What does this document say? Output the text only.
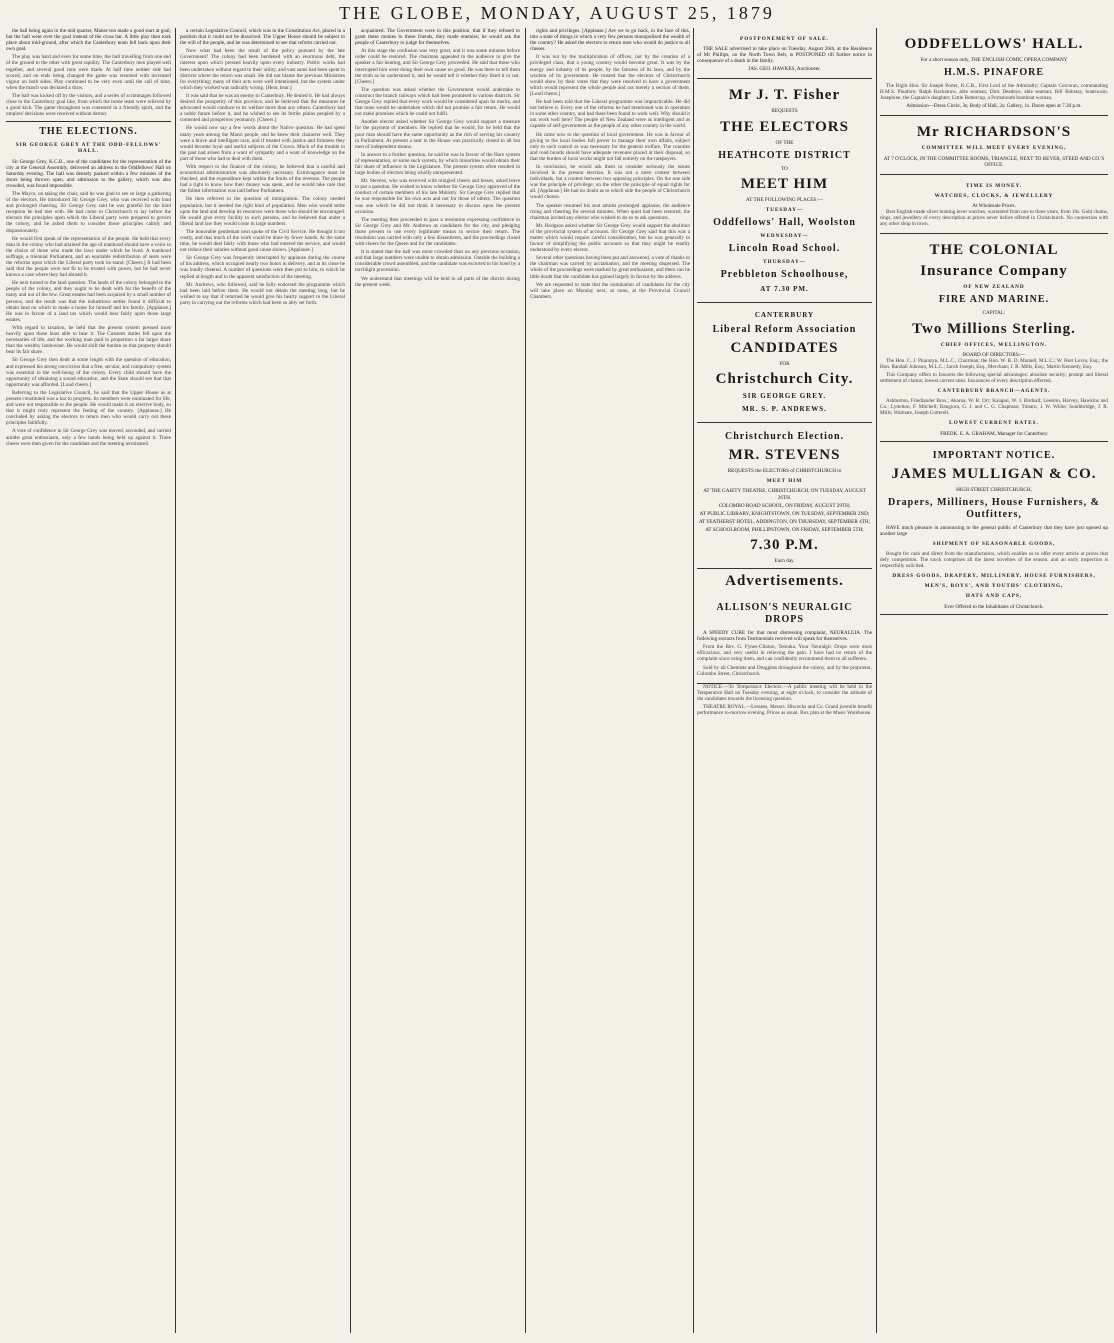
THE GLOBE, MONDAY, AUGUST 25, 1879

the ball being again in the mid quarter, Manor-ton made a good start at goal, but the ball went over the goal instead of the cross bar. A little play then took place about mid-ground, after which the Canterbury team fell back upon their own goal.

The play was hard and even for some time, the ball travelling from one end of the ground to the other with great rapidity. The Canterbury men played well together, and several good runs were made. At half time neither side had scored, and on ends being changed the game was resumed with increased vigour on both sides. Play continued to be very even until the call of time, when the match was declared a draw.

The ball was kicked off by the visitors, and a series of scrimmages followed close to the Canterbury goal line, from which the home team were relieved by a good kick. The game throughout was contested in a friendly spirit, and the umpires' decisions were received without demur.

THE ELECTIONS.
SIR GEORGE GREY AT THE ODD-FELLOWS' HALL.

Sir George Grey, K.C.B., one of the candidates for the representation of the city at the General Assembly, delivered an address in the Oddfellows' Hall on Saturday evening. The hall was densely packed within a few minutes of the doors being thrown open, and admission to the gallery, which was also crowded, was found impossible.

The Mayor, on taking the chair, said he was glad to see so large a gathering of the electors. He introduced Sir George Grey, who was received with loud and prolonged cheering. Sir George Grey said he was grateful for the kind reception he had met with. He had come to Christchurch to lay before the electors the principles upon which the Liberal party were prepared to govern the colony, and he asked them to consider those principles calmly and dispassionately.

He would first speak of the representation of the people. He held that every man in the colony who had attained the age of manhood should have a voice in the choice of those who made the laws under which he lived. A manhood suffrage, a triennial Parliament, and an equitable redistribution of seats were the reforms upon which the Liberal party took its stand. [Cheers.] It had been said that the people were not fit to be trusted with power, but he had never known a case where they had abused it.

He next turned to the land question. The lands of the colony belonged to the people of the colony, and they ought to be dealt with for the benefit of the many and not of the few. Great estates had been acquired by a small number of persons, and the result was that the industrious settler found it difficult to obtain land on which to make a home for himself and his family. [Applause.] He was in favour of a land tax which would bear fairly upon those large estates.

With regard to taxation, he held that the present system pressed most heavily upon those least able to bear it. The Customs duties fell upon the necessaries of life, and the working man paid in proportion a far larger share than the wealthy landowner. He would shift the burden so that property should bear its fair share.

Sir George Grey then dealt at some length with the question of education, and expressed his strong conviction that a free, secular, and compulsory system was essential to the well-being of the colony. Every child should have the opportunity of obtaining a sound education, and the State should see that that opportunity was afforded. [Loud cheers.]

Referring to the Legislative Council, he said that the Upper House as at present constituted was a bar to progress. Its members were nominated for life, and were not responsible to the people. He would make it an elective body, so that it might truly represent the feeling of the country. [Applause.] He concluded by asking the electors to return men who would carry out these principles faithfully.

A vote of confidence in Sir George Grey was moved, seconded, and carried amidst great enthusiasm, only a few hands being held up against it. Three cheers were then given for the candidate and the meeting terminated.

a certain Legislative Council, which was in the Constitution Act, placed in a position that it could not be dissolved. The Upper House should be subject to the will of the people, and he was determined to see that reform carried out.

Now what had been the result of the policy pursued by the late Government? The colony had been burdened with an enormous debt, the interest upon which pressed heavily upon every industry. Public works had been undertaken without regard to their utility, and vast sums had been spent in districts where the return was small. He did not blame the previous Ministries for everything; many of their acts were well intentioned, but the system under which they worked was radically wrong. [Hear, hear.]

It was said that he was an enemy to Canterbury. He denied it. He had always desired the prosperity of this province, and he believed that the measures he advocated would conduce to its welfare more than any others. Canterbury had a noble future before it, and he wished to see its fertile plains peopled by a contented and prosperous yeomanry. [Cheers.]

He would now say a few words about the Native question. He had spent many years among the Maori people, and he knew their character well. They were a brave and intelligent race, and if treated with justice and firmness they would become loyal and useful subjects of the Crown. Much of the trouble in the past had arisen from a want of sympathy and a want of knowledge on the part of those who had to deal with them.

With respect to the finance of the colony, he believed that a careful and economical administration was absolutely necessary. Extravagance must be checked, and the expenditure kept within the limits of the revenue. The people had a right to know how their money was spent, and he would take care that the fullest information was laid before Parliament.

He then referred to the question of immigration. The colony needed population, but it needed the right kind of population. Men who would settle upon the land and develop its resources were those who should be encouraged. He would give every facility to such persons, and he believed that under a liberal land law they would come in large numbers.

The honorable gentleman next spoke of the Civil Service. He thought it too costly, and that much of the work could be done by fewer hands. At the same time, he would deal fairly with those who had entered the service, and would not reduce their salaries without good cause shown. [Applause.]

Sir George Grey was frequently interrupted by applause during the course of his address, which occupied nearly two hours in delivery, and at its close he was loudly cheered. A number of questions were then put to him, to which he replied at length and to the apparent satisfaction of the meeting.

Mr. Andrews, who followed, said he fully endorsed the programme which had been laid before them. He would not detain the meeting long, but he wished to say that if returned he would give his hearty support to the Liberal party in carrying out the reforms which had been so ably set forth.

acquainted. The Government were in this position, that if they refused to grant these monies to these friends, they made enemies; he would ask the people of Canterbury to judge for themselves.

At this stage the confusion was very great, and it was some minutes before order could be restored. The chairman appealed to the audience to give the speaker a fair hearing, and Sir George Grey proceeded. He said that those who interrupted him were doing their own cause no good. He was there to tell them the truth as he understood it, and he would tell it whether they liked it or not. [Cheers.]

The question was asked whether the Government would undertake to construct the branch railways which had been promised to various districts. Sir George Grey replied that every work would be considered upon its merits, and that none would be undertaken which did not promise a fair return. He would not make promises which he could not fulfil.

Another elector asked whether Sir George Grey would support a measure for the payment of members. He replied that he would, for he held that the poor man should have the same opportunity as the rich of serving his country in Parliament. At present a seat in the House was practically closed to all but men of independent means.

In answer to a further question, he said he was in favour of the Hare system of representation, or some such system, by which minorities would obtain their fair share of influence in the Legislature. The present system often resulted in large bodies of electors being wholly unrepresented.

Mr. Stevens, who was received with mingled cheers and hisses, asked leave to put a question. He wished to know whether Sir George Grey approved of the conduct of certain members of his late Ministry. Sir George Grey replied that he was responsible for his own acts and not for those of others. The question was one which he did not think it necessary to discuss upon the present occasion.

The meeting then proceeded to pass a resolution expressing confidence in Sir George Grey and Mr. Andrews as candidates for the city, and pledging those present to use every legitimate means to secure their return. The resolution was carried with only a few dissentients, and the proceedings closed with cheers for the Queen and for the candidates.

It is stated that the hall was more crowded than on any previous occasion, and that large numbers were unable to obtain admission. Outside the building a considerable crowd assembled, and the candidate was escorted to his hotel by a torchlight procession.

We understand that meetings will be held in all parts of the district during the present week.

rights and privileges. [Applause.] Are we to go back, in the face of this, into a state of things in which a very few persons monopolised the wealth of the country? He asked the electors to return men who would do justice to all classes.

It was not by the multiplication of offices, nor by the creation of a privileged class, that a young country would become great. It was by the energy and industry of its people, by the fairness of its laws, and by the wisdom of its government. He trusted that the electors of Christchurch would show by their votes that they were resolved to have a government which would represent the whole people and not merely a section of them. [Loud cheers.]

He had been told that the Liberal programme was impracticable. He did not believe it. Every one of the reforms he had mentioned was in operation in some other country, and had there been found to work well. Why should it not work well here? The people of New Zealand were as intelligent and as capable of self-government as the people of any other country in the world.

He came now to the question of local government. He was in favour of giving to the local bodies full power to manage their own affairs, subject only to such control as was necessary for the general welfare. The counties and road boards should have adequate revenues placed at their disposal, so that the burden of local works might not fall entirely on the ratepayers.

In conclusion, he would ask them to consider seriously the issues involved in the present election. It was not a mere contest between individuals, but a contest between two opposing principles. On the one side was the principle of privilege; on the other the principle of equal rights for all. [Applause.] He had no doubt as to which side the people of Christchurch would choose.

The speaker resumed his seat amidst prolonged applause, the audience rising and cheering for several minutes. When quiet had been restored, the chairman invited any elector who wished to do so to ask questions.

Mr. Hodgson asked whether Sir George Grey would support the abolition of the provincial system of accounts. Sir George Grey said that this was a matter which would require careful consideration, but he was generally in favour of simplifying the public accounts so that they might be readily understood by every elector.

Several other questions having been put and answered, a vote of thanks to the chairman was carried by acclamation, and the meeting dispersed. The whole of the proceedings were marked by great enthusiasm, and there can be little doubt that the candidate has gained largely in favour by the address.

We are requested to state that the nomination of candidates for the city will take place on Monday next, at noon, at the Provincial Council Chambers.

POSTPONEMENT OF SALE.

THE SALE advertised to take place on Tuesday, August 26th, at the Residence of Mr Phillips, on the North Town Belt, is POSTPONED till further notice in consequence of a death in the family.

JAS. GEO. HAWKES, Auctioneer.

Mr J. T. Fisher
REQUESTS
THE ELECTORS
OF THE
HEATHCOTE DISTRICT
TO
MEET HIM
AT THE FOLLOWING PLACES:—
TUESDAY—
Oddfellows' Hall, Woolston
WEDNESDAY—
Lincoln Road School.
THURSDAY—
Prebbleton Schoolhouse,
AT 7.30 PM.
CANTERBURY
Liberal Reform Association
CANDIDATES
FOR
Christchurch City.
SIR GEORGE GREY.
MR. S. P. ANDREWS.
Christchurch Election.
MR. STEVENS

REQUESTS the ELECTORS of CHRISTCHURCH to

MEET HIM

AT THE GAIETY THEATRE, CHRISTCHURCH, ON TUESDAY, AUGUST 26TH.

COLOMBO ROAD SCHOOL, ON FRIDAY, AUGUST 29TH;

AT PUBLIC LIBRARY, KNIGHTSTOWN, ON TUESDAY, SEPTEMBER 2ND;

AT FEATHERST HOTEL, ADDINGTON, ON THURSDAY, SEPTEMBER 4TH;

AT SCHOOLROOM, PHILLIPSTOWN, ON FRIDAY, SEPTEMBER 5TH;

7.30 P.M.
Each day.
Advertisements.
ALLISON'S NEURALGIC DROPS

A SPEEDY CURE for that most distressing complaint, NEURALGIA. The following extracts from Testimonials received will speak for themselves.

From the Rev. G. Fynes-Clinton, Temuka. Your Neuralgic Drops were most efficacious, and very useful in relieving the pain. I have had no return of the complaint since using them, and can confidently recommend them to all sufferers.

Sold by all Chemists and Druggists throughout the colony, and by the proprietor, Colombo Street, Christchurch.

NOTICE.—To Temperance Electors.—A public meeting will be held in the Temperance Hall on Tuesday evening, at eight o'clock, to consider the attitude of the candidates towards the licensing question.

THEATRE ROYAL.—Lessees, Messrs. Hiscocks and Co. Grand juvenile benefit performance to-morrow evening. Prices as usual. Box plan at the Music Warehouse.

ODDFELLOWS' HALL.

For a short season only, THE ENGLISH COMIC OPERA COMPANY

H.M.S. PINAFORE

The Right Hon. Sir Joseph Porter, K.C.B., First Lord of the Admiralty; Captain Corcoran, commanding H.M.S. Pinafore; Ralph Rackstraw, able seaman; Dick Deadeye, able seaman; Bill Bobstay, boatswain; Josephine, the Captain's daughter; Little Buttercup, a Portsmouth bumboat woman.

Admission—Dress Circle, 3s; Body of Hall, 2s; Gallery, 1s. Doors open at 7.30 p.m.

Mr RICHARDSON'S
COMMITTEE WILL MEET EVERY EVENING,

AT 7 O'CLOCK, IN THE COMMITTEE ROOMS, TRIANGLE, NEXT TO BEYER, STEED AND CO.'S OFFICE.

TIME IS MONEY.
WATCHES, CLOCKS, & JEWELLERY
At Wholesale Prices.

Best English-made silver hunting lever watches, warranted from one to three years, from 10s. Gold chains, rings, and jewellery of every description at prices never before offered in Christchurch. No connection with any other shop in town.

THE COLONIAL
Insurance Company
OF NEW ZEALAND
FIRE AND MARINE.
CAPITAL:
Two Millions Sterling.
CHIEF OFFICES, WELLINGTON.
BOARD OF DIRECTORS:—

The Hon. C. J. Pharazyn, M.L.C., Chairman; the Hon. W. B. D. Mantell, M.L.C.; W. Hort Levin, Esq.; the Hon. Randall Johnson, M.L.C.; Jacob Joseph, Esq., Merchant; J. R. Mills, Esq.; Martin Kennedy, Esq.

This Company offers to Insurers the following special advantages: absolute security; prompt and liberal settlement of claims; lowest current rates. Insurances of every description effected.

CANTERBURY BRANCH—AGENTS.

Ashburton, Friedlander Bros.; Akaroa, W. R. Orr; Kaiapoi, W. J. Birdsall; Leeston, Harvey, Hawkins and Co.; Lyttelton, F. Mitchell; Rangiora, G. J. and C. G. Chapman; Timaru, J. W. White; Southbridge, J. R. Mills; Waimate, Joseph Cotterell.

LOWEST CURRENT RATES.
FREDK. E. A. GRAHAM, Manager for Canterbury
IMPORTANT NOTICE.
JAMES MULLIGAN & CO.
HIGH STREET CHRISTCHURCH,
Drapers, Milliners, House Furnishers, & Outfitters,

HAVE much pleasure in announcing to the general public of Canterbury that they have just opened up another large

SHIPMENT OF SEASONABLE GOODS,

Bought for cash and direct from the manufacturers, which enables us to offer every article at prices that defy competition. The stock comprises all the latest novelties of the season, and an early inspection is respectfully solicited.

DRESS GOODS, DRAPERY, MILLINERY, HOUSE FURNISHERS,
MEN'S, BOYS', AND YOUTHS' CLOTHING,
HATS AND CAPS,
Ever Offered to the Inhabitants of Christchurch.
